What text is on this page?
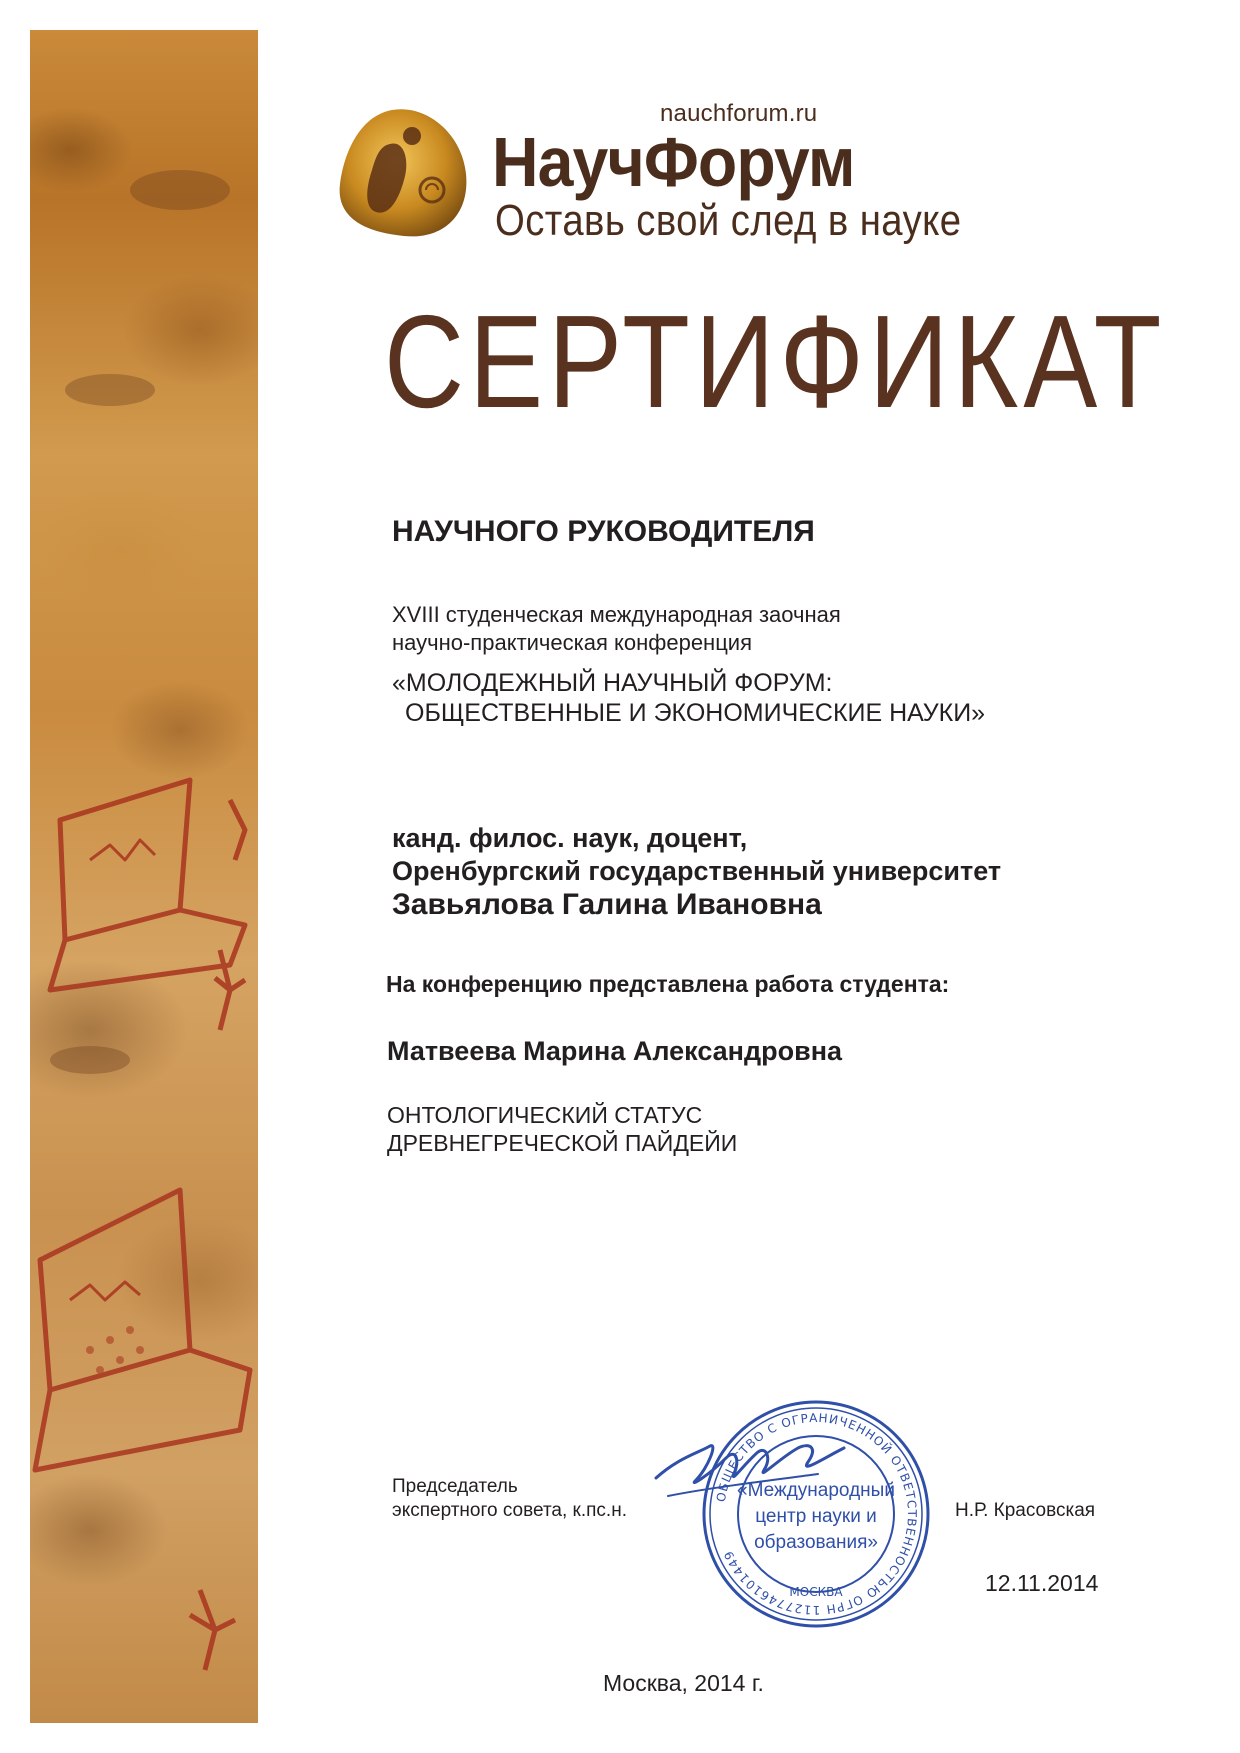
nauchforum.ru
НаучФорум
Оставь свой след в науке
СЕРТИФИКАТ
НАУЧНОГО РУКОВОДИТЕЛЯ
XVIII студенческая международная заочная
научно-практическая конференция
«МОЛОДЕЖНЫЙ НАУЧНЫЙ ФОРУМ:
ОБЩЕСТВЕННЫЕ И ЭКОНОМИЧЕСКИЕ НАУКИ»
канд. филос. наук, доцент,
Оренбургский государственный университет
Завьялова Галина Ивановна
На конференцию представлена работа студента:
Матвеева Марина Александровна
ОНТОЛОГИЧЕСКИЙ СТАТУС
ДРЕВНЕГРЕЧЕСКОЙ ПАЙДЕЙИ
Председатель
экспертного совета, к.пс.н.	Н.Р. Красовская
12.11.2014
ОБЩЕСТВО С ОГРАНИЧЕННОЙ ОТВЕТСТВЕННОСТЬЮ ОГРН 1127746101449
МОСКВА
«Международный
центр науки и
образования»
Москва, 2014 г.
